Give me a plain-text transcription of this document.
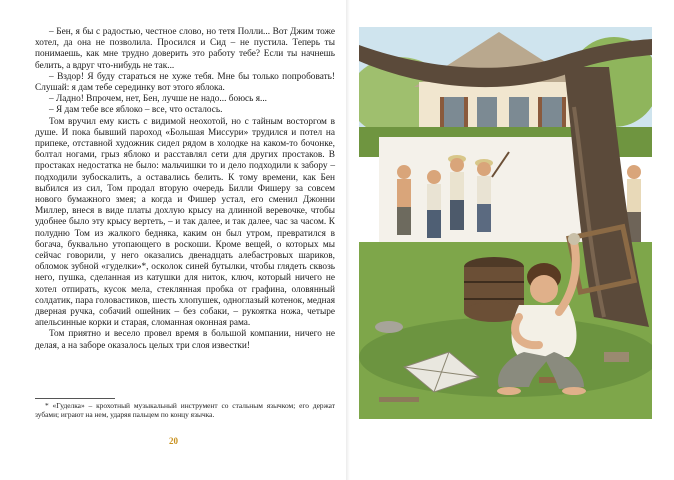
– Бен, я бы с радостью, честное слово, но тетя Полли... Вот Джим тоже хотел, да она не позволила. Просился и Сид – не пустила. Теперь ты понимаешь, как мне трудно доверить это работу тебе? Если ты начнешь белить, а вдруг что-нибудь не так...

– Вздор! Я буду стараться не хуже тебя. Мне бы только попробовать! Слушай: я дам тебе серединку вот этого яблока.

– Ладно! Впрочем, нет, Бен, лучше не надо... боюсь я...

– Я дам тебе все яблоко – все, что осталось.

Том вручил ему кисть с видимой неохотой, но с тайным восторгом в душе. И пока бывший пароход «Большая Миссури» трудился и потел на припеке, отставной художник сидел рядом в холодке на каком-то бочонке, болтал ногами, грыз яблоко и расставлял сети для других простаков. В простаках недостатка не было: мальчишки то и дело подходили к забору – подходили зубоскалить, а оставались белить. К тому времени, как Бен выбился из сил, Том продал вторую очередь Билли Фишеру за совсем нового бумажного змея; а когда и Фишер устал, его сменил Джонни Миллер, внеся в виде платы дохлую крысу на длинной веревочке, чтобы удобнее было эту крысу вертеть, – и так далее, и так далее, час за часом. К полудню Том из жалкого бедняка, каким он был утром, превратился в богача, буквально утопающего в роскоши. Кроме вещей, о которых мы сейчас говорили, у него оказались двенадцать алебастровых шариков, обломок зубной «гуделки»*, осколок синей бутылки, чтобы глядеть сквозь него, пушка, сделанная из катушки для ниток, ключ, который ничего не хотел отпирать, кусок мела, стеклянная пробка от графина, оловянный солдатик, пара головастиков, шесть хлопушек, одноглазый котенок, медная дверная ручка, собачий ошейник – без собаки, – рукоятка ножа, четыре апельсинные корки и старая, сломанная оконная рама.

Том приятно и весело провел время в большой компании, ничего не делая, а на заборе оказалось целых три слоя известки!

* «Гуделка» – крохотный музыкальный инструмент со стальным язычком; его держат зубами; играют на нем, ударяя пальцем по концу язычка.

20
